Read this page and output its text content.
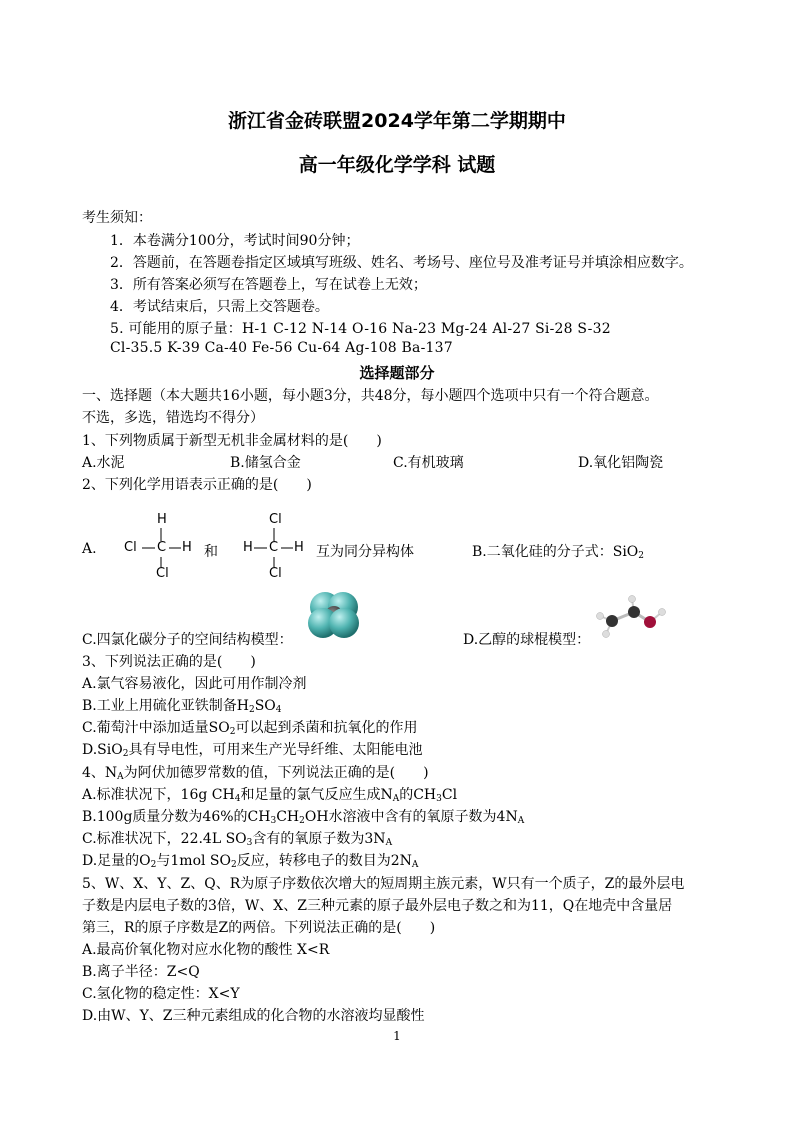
浙江省金砖联盟2024学年第二学期期中
高一年级化学学科 试题
考生须知：
1．本卷满分100分，考试时间90分钟；
2．答题前，在答题卷指定区域填写班级、姓名、考场号、座位号及准考证号并填涂相应数字。
3．所有答案必须写在答题卷上，写在试卷上无效；
4．考试结束后，只需上交答题卷。
5. 可能用的原子量：H-1 C-12 N-14 O-16 Na-23 Mg-24 Al-27 Si-28 S-32
Cl-35.5 K-39 Ca-40 Fe-56 Cu-64 Ag-108 Ba-137
选择题部分
一、选择题（本大题共16小题，每小题3分，共48分，每小题四个选项中只有一个符合题意。
不选，多选，错选均不得分）
1、下列物质属于新型无机非金属材料的是(　　)
A.水泥	B.储氢合金	C.有机玻璃	D.氧化铝陶瓷
2、下列化学用语表示正确的是(　　)
A.
H
Cl C H
Cl
和
Cl
H C H
Cl
互为同分异构体	B.二氧化硅的分子式：SiO$_2$
C.四氯化碳分子的空间结构模型：	D.乙醇的球棍模型：
3、下列说法正确的是(　　)
A.氯气容易液化，因此可用作制冷剂
B.工业上用硫化亚铁制备$H_2SO_4$
C.葡萄汁中添加适量$SO_2$可以起到杀菌和抗氧化的作用
D.SiO$_2$具有导电性，可用来生产光导纤维、太阳能电池
4、$N_A$为阿伏加德罗常数的值，下列说法正确的是(　　)
A.标准状况下，16g $CH_4$和足量的氯气反应生成$N_A$的$CH_3Cl$
B.100g质量分数为46%的$CH_3CH_2OH$水溶液中含有的氧原子数为$4N_A$
C.标准状况下，22.4L $SO_3$含有的氧原子数为$3N_A$
D.足量的$O_2$与1mol $SO_2$反应，转移电子的数目为$2N_A$
5、W、X、Y、Z、Q、R为原子序数依次增大的短周期主族元素，W只有一个质子，Z的最外层电
子数是内层电子数的3倍，W、X、Z三种元素的原子最外层电子数之和为11，Q在地壳中含量居
第三，R的原子序数是Z的两倍。下列说法正确的是(　　)
A.最高价氧化物对应水化物的酸性 X<R
B.离子半径：Z<Q
C.氢化物的稳定性：X<Y
D.由W、Y、Z三种元素组成的化合物的水溶液均显酸性
1
